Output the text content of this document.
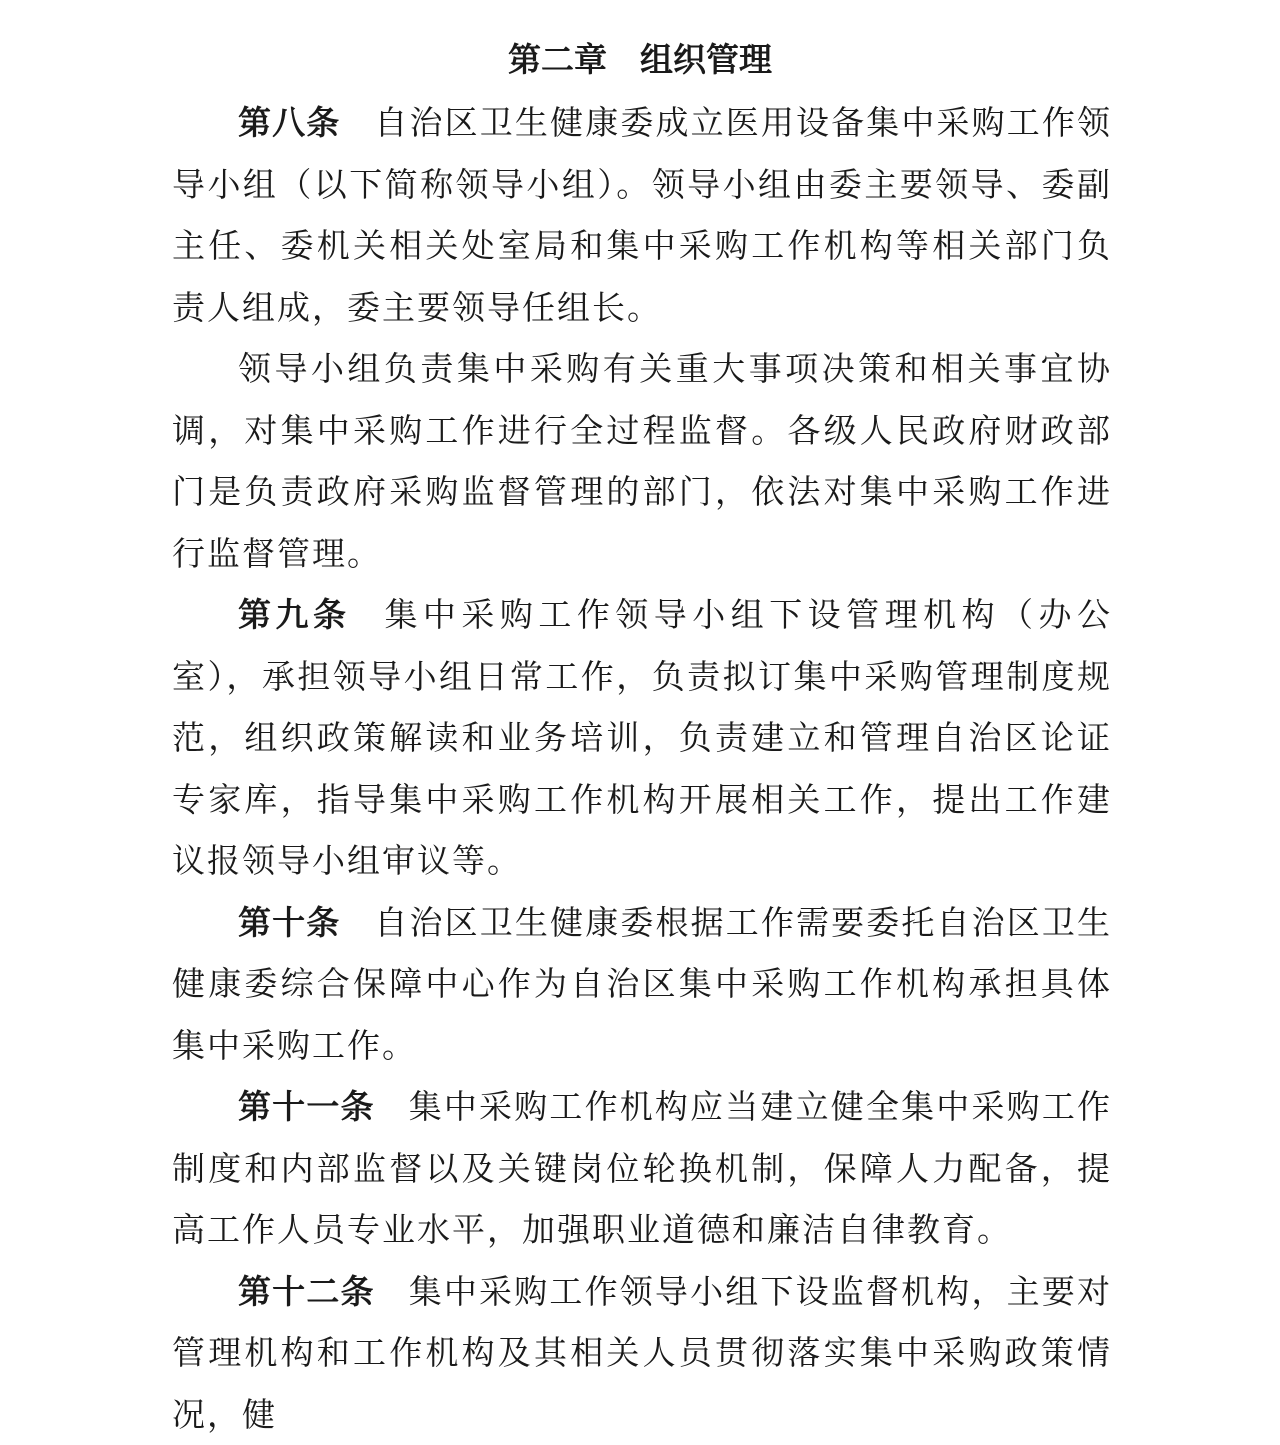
第二章　组织管理

第八条 自治区卫生健康委成立医用设备集中采购工作领导小组（以下简称领导小组）。领导小组由委主要领导、委副主任、委机关相关处室局和集中采购工作机构等相关部门负责人组成，委主要领导任组长。

领导小组负责集中采购有关重大事项决策和相关事宜协调，对集中采购工作进行全过程监督。各级人民政府财政部门是负责政府采购监督管理的部门，依法对集中采购工作进行监督管理。

第九条 集中采购工作领导小组下设管理机构（办公室），承担领导小组日常工作，负责拟订集中采购管理制度规范，组织政策解读和业务培训，负责建立和管理自治区论证专家库，指导集中采购工作机构开展相关工作，提出工作建议报领导小组审议等。

第十条 自治区卫生健康委根据工作需要委托自治区卫生健康委综合保障中心作为自治区集中采购工作机构承担具体集中采购工作。

第十一条 集中采购工作机构应当建立健全集中采购工作制度和内部监督以及关键岗位轮换机制，保障人力配备，提高工作人员专业水平，加强职业道德和廉洁自律教育。

第十二条 集中采购工作领导小组下设监督机构，主要对管理机构和工作机构及其相关人员贯彻落实集中采购政策情况，健
